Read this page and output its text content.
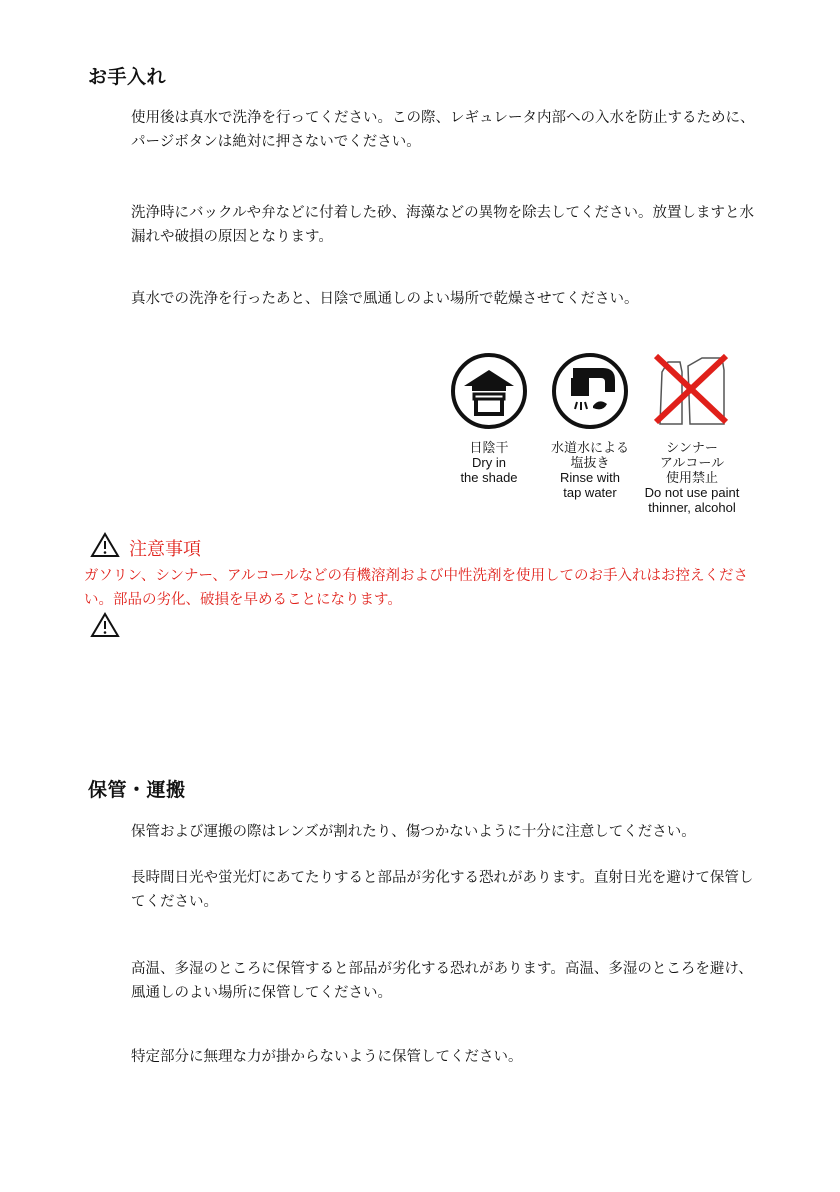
お手入れ
使用後は真水で洗浄を行ってください。この際、レギュレータ内部への入水を防止するために、パージボタンは絶対に押さないでください。
洗浄時にバックルや弁などに付着した砂、海藻などの異物を除去してください。放置しますと水漏れや破損の原因となります。
真水での洗浄を行ったあと、日陰で風通しのよい場所で乾燥させてください。
日陰干
Dry in
the shade
水道水による
塩抜き
Rinse with
tap water
シンナー
アルコール
使用禁止
Do not use paint
thinner, alcohol
注意事項
ガソリン、シンナー、アルコールなどの有機溶剤および中性洗剤を使用してのお手入れはお控えください。部品の劣化、破損を早めることになります。
保管・運搬
保管および運搬の際はレンズが割れたり、傷つかないように十分に注意してください。
長時間日光や蛍光灯にあてたりすると部品が劣化する恐れがあります。直射日光を避けて保管してください。
高温、多湿のところに保管すると部品が劣化する恐れがあります。高温、多湿のところを避け、風通しのよい場所に保管してください。
特定部分に無理な力が掛からないように保管してください。
